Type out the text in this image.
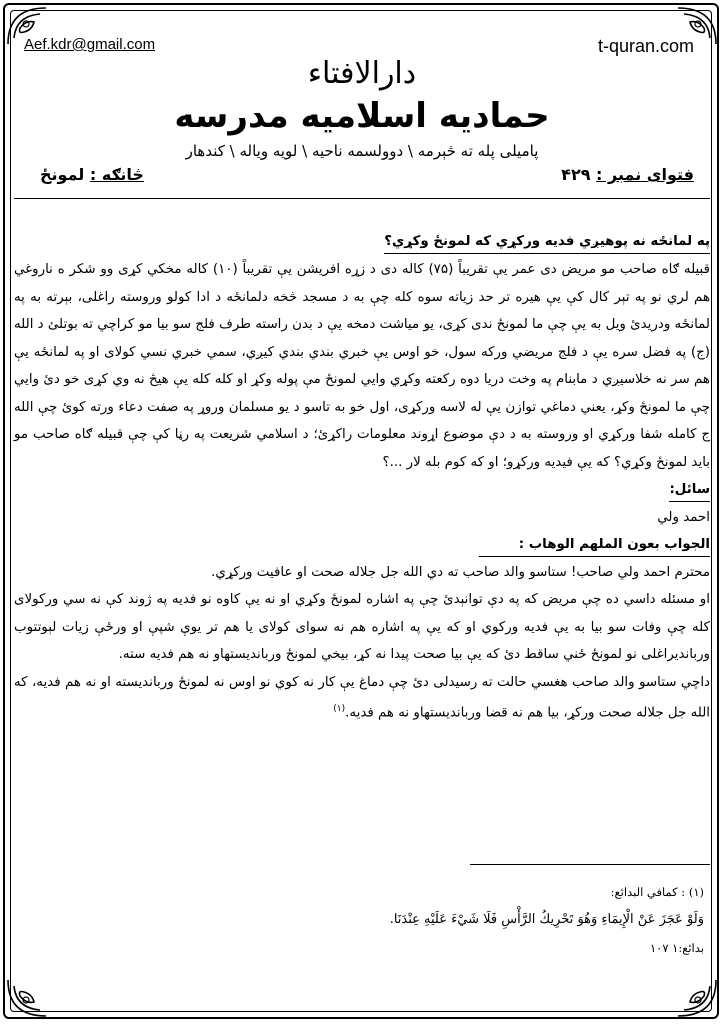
Aef.kdr@gmail.com	t-quran.com
دارالافتاء
حمادیه اسلامیه مدرسه
پامیلی پله ته څېرمه \ دوولسمه ناحیه \ لویه ویاله \ کندهار
فتوای نمبر : ۴۲۹
څانګه : لمونځ
په لمانځه نه پوهیږي فدیه ورکړي که لمونځ وکړي؟

قبیله ګاه صاحب مو مریض دی عمر یې تقریباً (۷۵) کاله دی د زړه افریشن یې تقریباً (۱۰) کاله مخکي کړی وو شکر ه ناروغي هم لري نو په تېر کال کې یې هیره تر حد زیاته سوه کله چې به د مسجد څخه دلمانځه د ادا کولو وروسته راغلی، بېرته به په لمانځه ودریدئ ویل به یې چې ما لمونځ ندی کړی، یو میاشت دمخه یې د بدن راسته طرف فلج سو بیا مو کراچي ته بوتلئ د الله (ج) په فضل سره یې د فلج مریضي ورکه سول، خو اوس یې خبري بندي بندي کیږي، سمي خبري نسي کولای او په لمانځه یې هم سر نه خلاسیږي د مابنام په وخت دریا دوه رکعته وکړي وایي لمونځ مې پوله وکړ او کله کله یې هیڅ نه وي کړی خو دئ وایي چې ما لمونځ وکړ، یعني دماغي توازن یې له لاسه ورکړی، اول خو به تاسو د یو مسلمان وروړ په صفت دعاء ورته کوئ چې الله ج کامله شفا ورکړي او وروسته به د دې موضوع اړوند معلومات راکړئ؛ د اسلامي شریعت په رڼا کې چې قبیله ګاه صاحب مو باید لمونځ وکړي؟ که یې فیدیه ورکړو؛ او که کوم بله لار ...؟

سائل:

احمد ولي

الجواب بعون الملهم الوهاب :

محترم احمد ولي صاحب! ستاسو والد صاحب ته دي الله جل جلاله صحت او عافیت ورکړي.

او مسئله داسي ده چې مریض که په دې توانېدئ چې په اشاره لمونځ وکړي او نه یې کاوه نو فدیه په ژوند کې نه سي ورکولای کله چې وفات سو بیا به یې فدیه ورکوي او که یې په اشاره هم نه سوای کولای یا هم تر یوې شپې او ورځې زیات لېوتتوب وربانديراغلی نو لمونځ ځني ساقط دئ که یې بیا صحت پیدا نه کړ، بیخي لمونځ وربانديستهاو نه هم فدیه سته.

داچي ستاسو والد صاحب هغسي حالت ته رسیدلی دئ چې دماغ یې کار نه کوي نو اوس نه لمونځ وربانديسته او نه هم فدیه، که الله جل جلاله صحت ورکړ، بیا هم نه قضا وربانديستهاو نه هم فدیه.$^{(۱)}$

(۱) : کمافي البدائع:

وَلَوْ عَجَزَ عَنْ الْإِيمَاءِ وَهُوَ تَحْرِيكُ الرَّأْسِ فَلَا شَيْءَ عَلَيْهِ عِنْدَنَا.

بدائع:۱ ۱۰۷
